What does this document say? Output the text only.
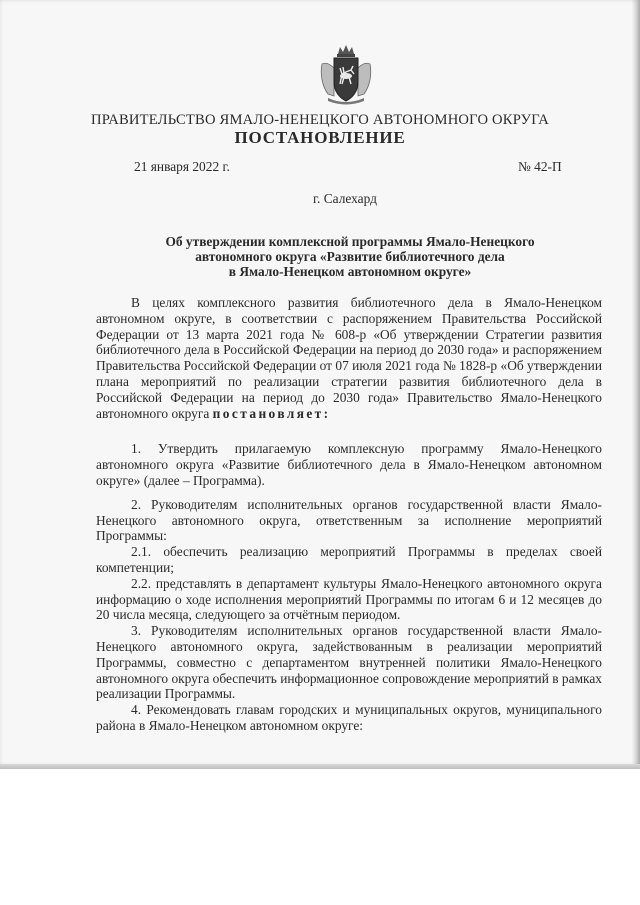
ПРАВИТЕЛЬСТВО ЯМАЛО-НЕНЕЦКОГО АВТОНОМНОГО ОКРУГА
ПОСТАНОВЛЕНИЕ
21 января 2022 г.	№ 42-П
г. Салехард
Об утверждении комплексной программы Ямало-Ненецкого
автономного округа «Развитие библиотечного дела
в Ямало-Ненецком автономном округе»

В целях комплексного развития библиотечного дела в Ямало-Ненецком автономном округе, в соответствии с распоряжением Правительства Российской Федерации от 13 марта 2021 года № 608-р «Об утверждении Стратегии развития библиотечного дела в Российской Федерации на период до 2030 года» и распоряжением Правительства Российской Федерации от 07 июля 2021 года № 1828-р «Об утверждении плана мероприятий по реализации стратегии развития библиотечного дела в Российской Федерации на период до 2030 года» Правительство Ямало-Ненецкого автономного округа постановляет:

1. Утвердить прилагаемую комплексную программу Ямало-Ненецкого автономного округа «Развитие библиотечного дела в Ямало-Ненецком автономном округе» (далее – Программа).

2. Руководителям исполнительных органов государственной власти Ямало-Ненецкого автономного округа, ответственным за исполнение мероприятий Программы:

2.1. обеспечить реализацию мероприятий Программы в пределах своей компетенции;

2.2. представлять в департамент культуры Ямало-Ненецкого автономного округа информацию о ходе исполнения мероприятий Программы по итогам 6 и 12 месяцев до 20 числа месяца, следующего за отчётным периодом.

3. Руководителям исполнительных органов государственной власти Ямало-Ненецкого автономного округа, задействованным в реализации мероприятий Программы, совместно с департаментом внутренней политики Ямало-Ненецкого автономного округа обеспечить информационное сопровождение мероприятий в рамках реализации Программы.

4. Рекомендовать главам городских и муниципальных округов, муниципального района в Ямало-Ненецком автономном округе:
